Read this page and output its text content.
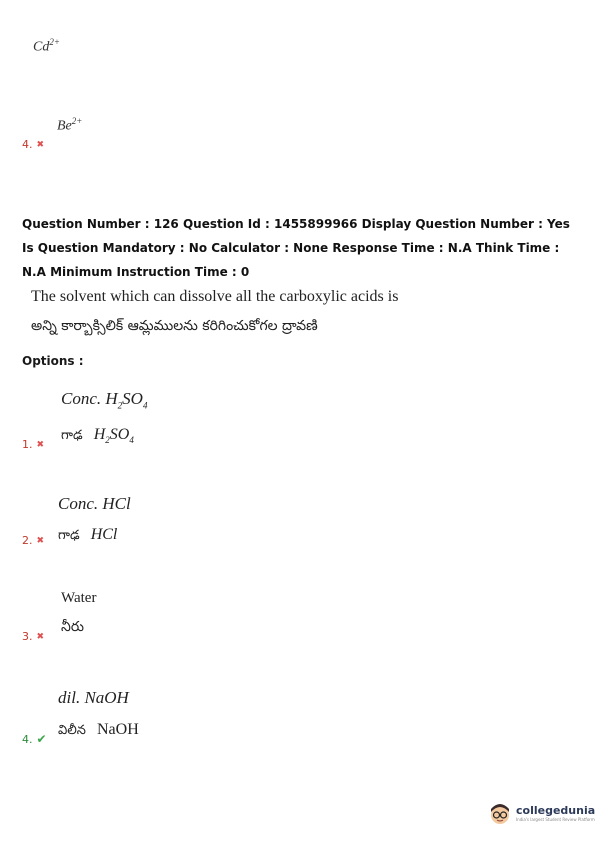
$Cd^{2+}$
$Be^{2+}$
4. ✖
Question Number : 126 Question Id : 1455899966 Display Question Number : Yes Is Question Mandatory : No Calculator : None Response Time : N.A Think Time : N.A Minimum Instruction Time : 0
The solvent which can dissolve all the carboxylic acids is
అన్ని కార్బాక్సిలిక్ ఆమ్లములను కరిగించుకోగల ద్రావణి
Options :
Conc. $H_2SO_4$
గాఢ $H_2SO_4$
1. ✖
Conc. HCl
గాఢ HCl
2. ✖
Water
నీరు
3. ✖
dil. NaOH
విలీన NaOH
4. ✔
collegedunia
India's largest Student Review Platform
